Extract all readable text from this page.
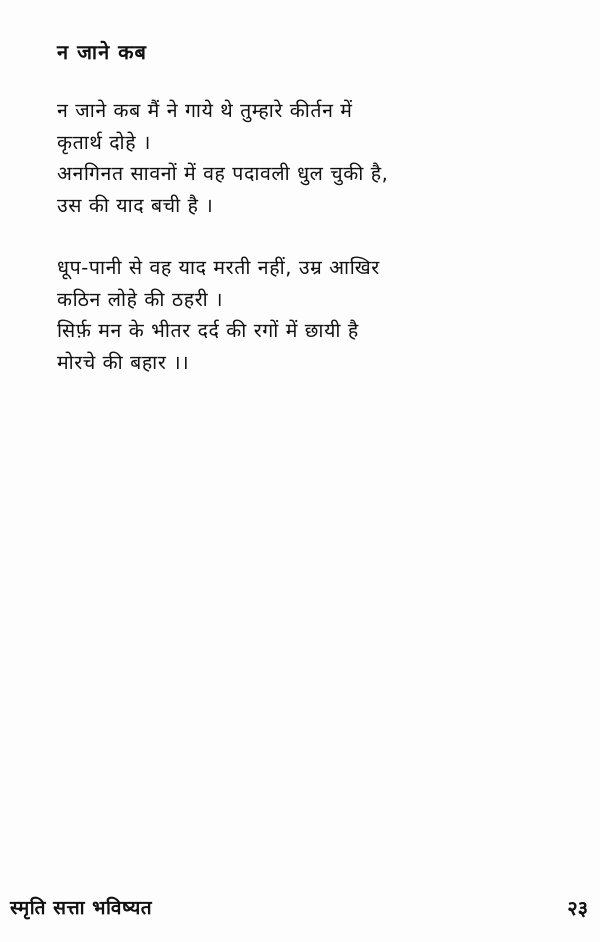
न जाने कब
न जाने कब मैं ने गाये थे तुम्हारे कीर्तन में
कृतार्थ दोहे ।
अनगिनत सावनों में वह पदावली धुल चुकी है,
उस की याद बची है ।
धूप-पानी से वह याद मरती नहीं, उम्र आखिर
कठिन लोहे की ठहरी ।
सिर्फ़ मन के भीतर दर्द की रगों में छायी है
मोरचे की बहार ।।
स्मृति सत्ता भविष्यत	२३
